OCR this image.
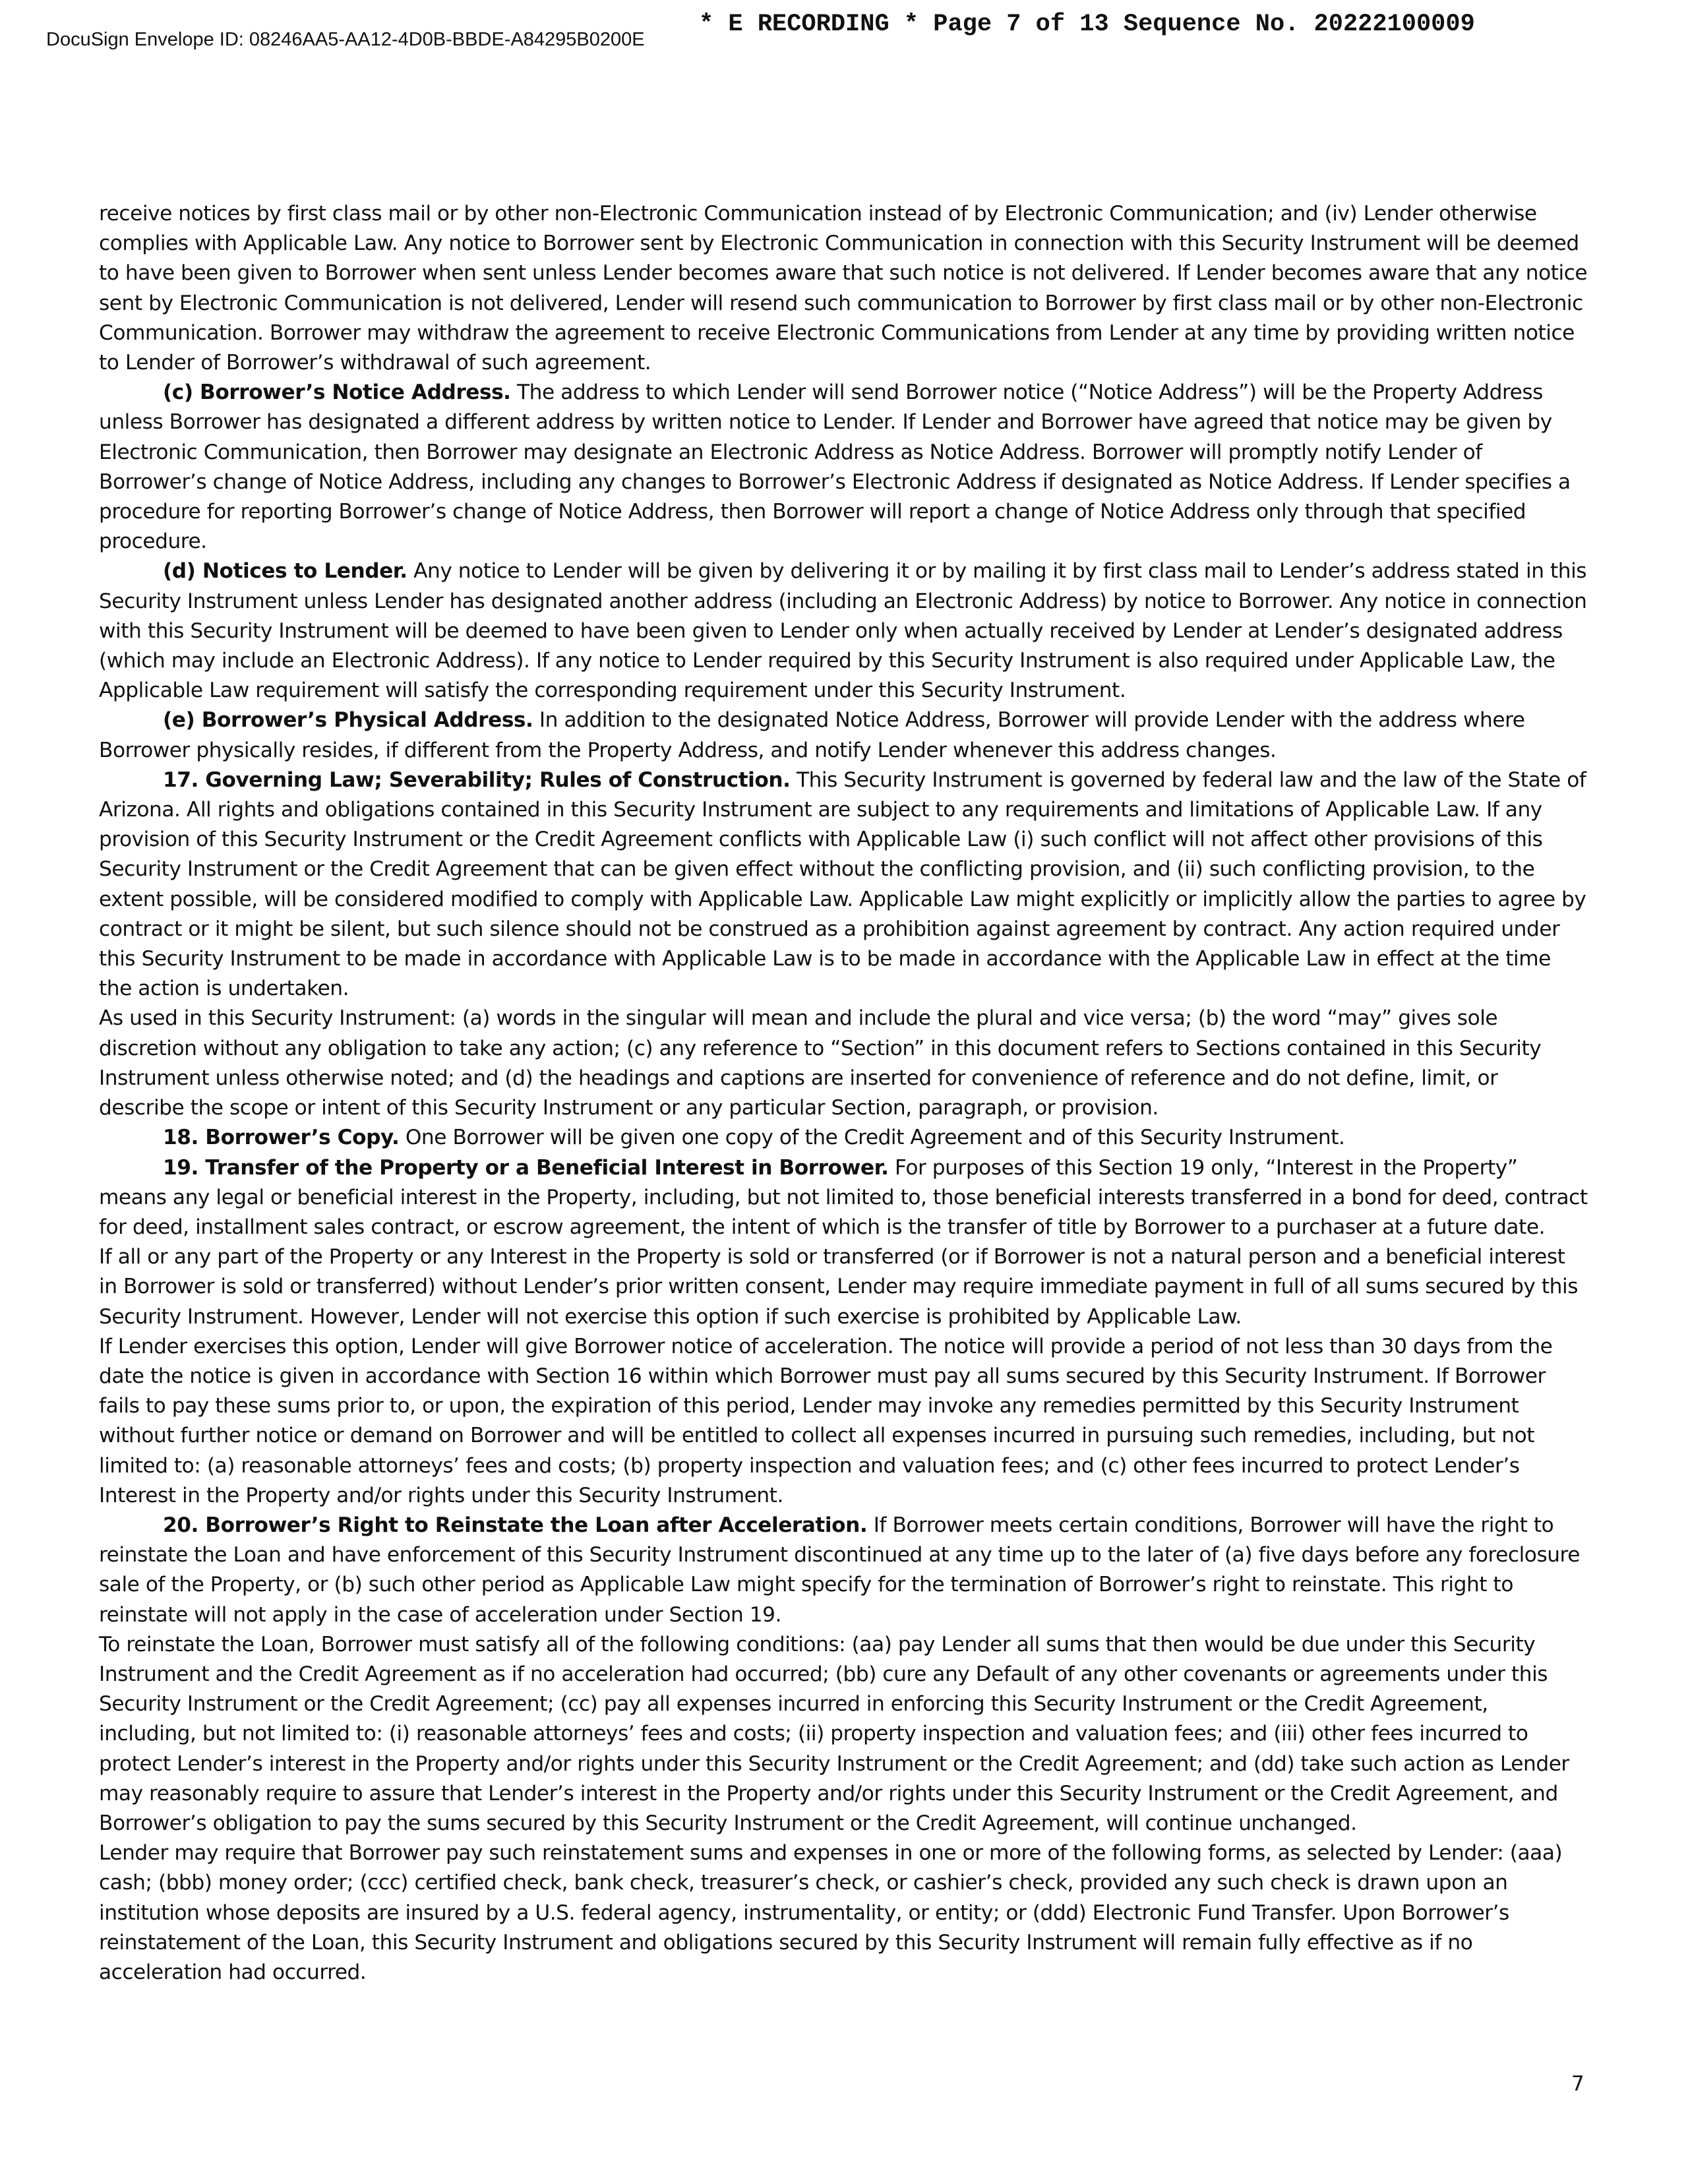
DocuSign Envelope ID: 08246AA5-AA12-4D0B-BBDE-A84295B0200E
* E RECORDING * Page 7 of 13 Sequence No. 20222100009

receive notices by first class mail or by other non-Electronic Communication instead of by Electronic Communication; and (iv) Lender otherwise complies with Applicable Law. Any notice to Borrower sent by Electronic Communication in connection with this Security Instrument will be deemed to have been given to Borrower when sent unless Lender becomes aware that such notice is not delivered. If Lender becomes aware that any notice sent by Electronic Communication is not delivered, Lender will resend such communication to Borrower by first class mail or by other non-Electronic Communication. Borrower may withdraw the agreement to receive Electronic Communications from Lender at any time by providing written notice to Lender of Borrower’s withdrawal of such agreement.

(c) Borrower’s Notice Address. The address to which Lender will send Borrower notice (“Notice Address”) will be the Property Address unless Borrower has designated a different address by written notice to Lender. If Lender and Borrower have agreed that notice may be given by Electronic Communication, then Borrower may designate an Electronic Address as Notice Address. Borrower will promptly notify Lender of Borrower’s change of Notice Address, including any changes to Borrower’s Electronic Address if designated as Notice Address. If Lender specifies a procedure for reporting Borrower’s change of Notice Address, then Borrower will report a change of Notice Address only through that specified procedure.

(d) Notices to Lender. Any notice to Lender will be given by delivering it or by mailing it by first class mail to Lender’s address stated in this Security Instrument unless Lender has designated another address (including an Electronic Address) by notice to Borrower. Any notice in connection with this Security Instrument will be deemed to have been given to Lender only when actually received by Lender at Lender’s designated address (which may include an Electronic Address). If any notice to Lender required by this Security Instrument is also required under Applicable Law, the Applicable Law requirement will satisfy the corresponding requirement under this Security Instrument.

(e) Borrower’s Physical Address. In addition to the designated Notice Address, Borrower will provide Lender with the address where Borrower physically resides, if different from the Property Address, and notify Lender whenever this address changes.

17. Governing Law; Severability; Rules of Construction. This Security Instrument is governed by federal law and the law of the State of Arizona. All rights and obligations contained in this Security Instrument are subject to any requirements and limitations of Applicable Law. If any provision of this Security Instrument or the Credit Agreement conflicts with Applicable Law (i) such conflict will not affect other provisions of this Security Instrument or the Credit Agreement that can be given effect without the conflicting provision, and (ii) such conflicting provision, to the extent possible, will be considered modified to comply with Applicable Law. Applicable Law might explicitly or implicitly allow the parties to agree by contract or it might be silent, but such silence should not be construed as a prohibition against agreement by contract. Any action required under this Security Instrument to be made in accordance with Applicable Law is to be made in accordance with the Applicable Law in effect at the time the action is undertaken.

As used in this Security Instrument: (a) words in the singular will mean and include the plural and vice versa; (b) the word “may” gives sole discretion without any obligation to take any action; (c) any reference to “Section” in this document refers to Sections contained in this Security Instrument unless otherwise noted; and (d) the headings and captions are inserted for convenience of reference and do not define, limit, or describe the scope or intent of this Security Instrument or any particular Section, paragraph, or provision.

18. Borrower’s Copy. One Borrower will be given one copy of the Credit Agreement and of this Security Instrument.

19. Transfer of the Property or a Beneficial Interest in Borrower. For purposes of this Section 19 only, “Interest in the Property” means any legal or beneficial interest in the Property, including, but not limited to, those beneficial interests transferred in a bond for deed, contract for deed, installment sales contract, or escrow agreement, the intent of which is the transfer of title by Borrower to a purchaser at a future date.

If all or any part of the Property or any Interest in the Property is sold or transferred (or if Borrower is not a natural person and a beneficial interest in Borrower is sold or transferred) without Lender’s prior written consent, Lender may require immediate payment in full of all sums secured by this Security Instrument. However, Lender will not exercise this option if such exercise is prohibited by Applicable Law.

If Lender exercises this option, Lender will give Borrower notice of acceleration. The notice will provide a period of not less than 30 days from the date the notice is given in accordance with Section 16 within which Borrower must pay all sums secured by this Security Instrument. If Borrower fails to pay these sums prior to, or upon, the expiration of this period, Lender may invoke any remedies permitted by this Security Instrument without further notice or demand on Borrower and will be entitled to collect all expenses incurred in pursuing such remedies, including, but not limited to: (a) reasonable attorneys’ fees and costs; (b) property inspection and valuation fees; and (c) other fees incurred to protect Lender’s Interest in the Property and/or rights under this Security Instrument.

20. Borrower’s Right to Reinstate the Loan after Acceleration. If Borrower meets certain conditions, Borrower will have the right to reinstate the Loan and have enforcement of this Security Instrument discontinued at any time up to the later of (a) five days before any foreclosure sale of the Property, or (b) such other period as Applicable Law might specify for the termination of Borrower’s right to reinstate. This right to reinstate will not apply in the case of acceleration under Section 19.

To reinstate the Loan, Borrower must satisfy all of the following conditions: (aa) pay Lender all sums that then would be due under this Security Instrument and the Credit Agreement as if no acceleration had occurred; (bb) cure any Default of any other covenants or agreements under this Security Instrument or the Credit Agreement; (cc) pay all expenses incurred in enforcing this Security Instrument or the Credit Agreement, including, but not limited to: (i) reasonable attorneys’ fees and costs; (ii) property inspection and valuation fees; and (iii) other fees incurred to protect Lender’s interest in the Property and/or rights under this Security Instrument or the Credit Agreement; and (dd) take such action as Lender may reasonably require to assure that Lender’s interest in the Property and/or rights under this Security Instrument or the Credit Agreement, and Borrower’s obligation to pay the sums secured by this Security Instrument or the Credit Agreement, will continue unchanged.

Lender may require that Borrower pay such reinstatement sums and expenses in one or more of the following forms, as selected by Lender: (aaa) cash; (bbb) money order; (ccc) certified check, bank check, treasurer’s check, or cashier’s check, provided any such check is drawn upon an institution whose deposits are insured by a U.S. federal agency, instrumentality, or entity; or (ddd) Electronic Fund Transfer. Upon Borrower’s reinstatement of the Loan, this Security Instrument and obligations secured by this Security Instrument will remain fully effective as if no acceleration had occurred.

7
